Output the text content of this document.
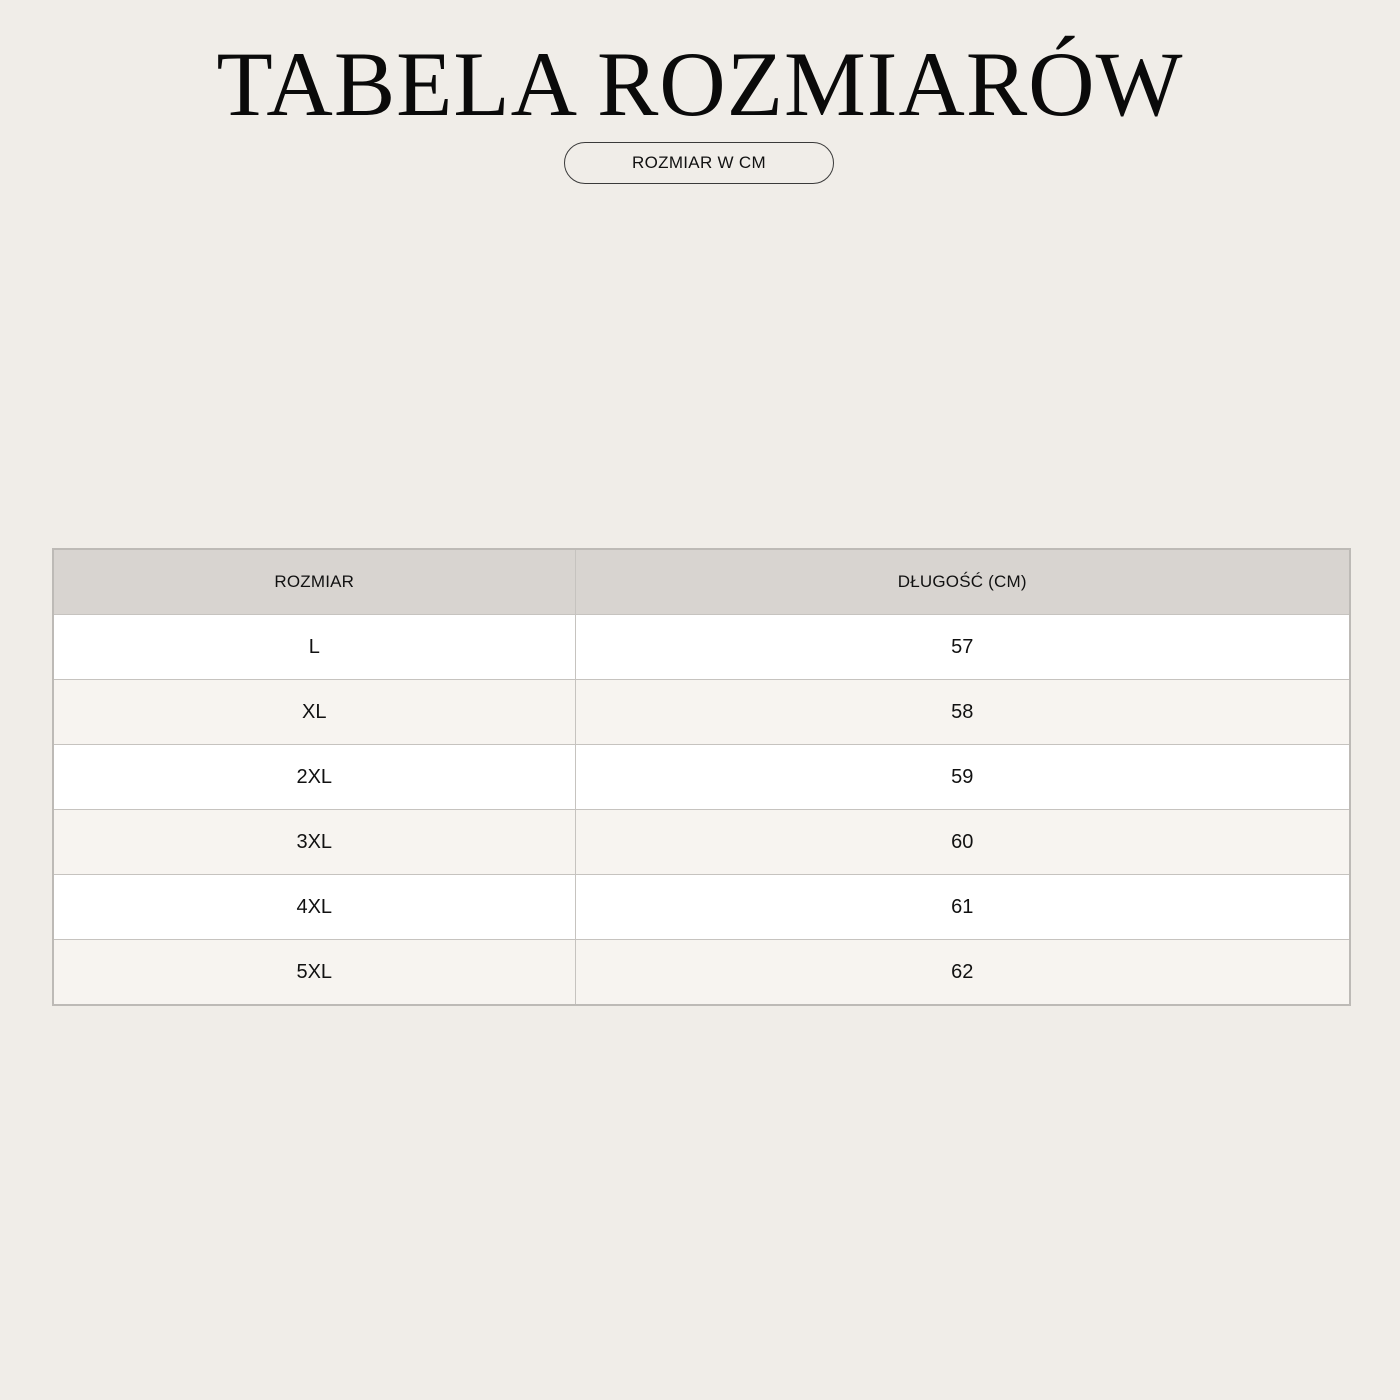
TABELA ROZMIARÓW
ROZMIAR W CM
ROZMIAR	DŁUGOŚĆ (CM)
L	57
XL	58
2XL	59
3XL	60
4XL	61
5XL	62
